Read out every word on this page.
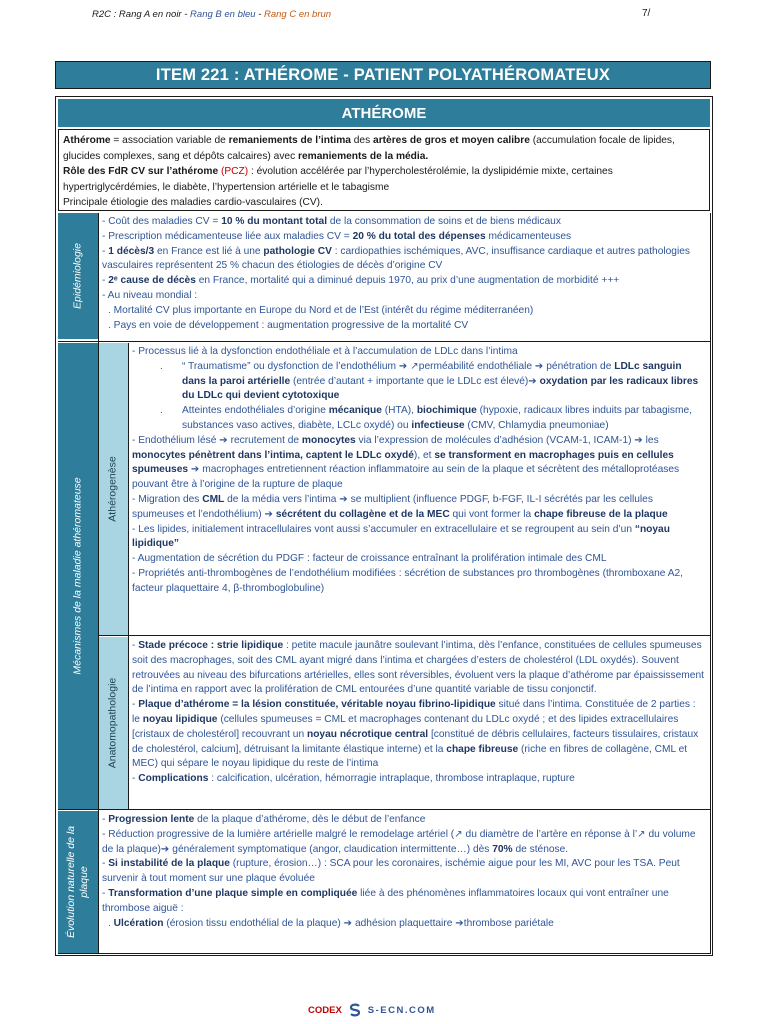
R2C : Rang A en noir - Rang B en bleu - Rang C en brun	7/
ITEM 221 : ATHÉROME - PATIENT POLYATHÉROMATEUX
ATHÉROME

Athérome = association variable de remaniements de l’intima des artères de gros et moyen calibre (accumulation focale de lipides, glucides complexes, sang et dépôts calcaires) avec remaniements de la média.

Rôle des FdR CV sur l’athérome (PCZ) : évolution accélérée par l’hypercholestérolémie, la dyslipidémie mixte, certaines hypertriglycérdémies, le diabète, l’hypertension artérielle et le tabagisme

Principale étiologie des maladies cardio-vasculaires (CV).

Epidémiologie

- Coût des maladies CV = 10 % du montant total de la consommation de soins et de biens médicaux

- Prescription médicamenteuse liée aux maladies CV = 20 % du total des dépenses médicamenteuses

- 1 décès/3 en France est lié à une pathologie CV : cardiopathies ischémiques, AVC, insuffisance cardiaque et autres pathologies vasculaires représentent 25 % chacun des étiologies de décès d’origine CV

- 2ᵉ cause de décès en France, mortalité qui a diminué depuis 1970, au prix d’une augmentation de morbidité +++

- Au niveau mondial :

. Mortalité CV plus importante en Europe du Nord et de l’Est (intérêt du régime méditerranéen)

. Pays en voie de développement : augmentation progressive de la mortalité CV

Mécanismes de la maladie athéromateuse Athérogenèse

- Processus lié à la dysfonction endothéliale et à l’accumulation de LDLc dans l’intima

. “ Traumatisme” ou dysfonction de l’endothélium ➔ ↗perméabilité endothéliale ➔ pénétration de LDLc sanguin dans la paroi artérielle (entrée d’autant + importante que le LDLc est élevé)➔ oxydation par les radicaux libres du LDLc qui devient cytotoxique

. Atteintes endothéliales d’origine mécanique (HTA), biochimique (hypoxie, radicaux libres induits par tabagisme, substances vaso actives, diabète, LCLc oxydé) ou infectieuse (CMV, Chlamydia pneumoniae)

- Endothélium lésé ➔ recrutement de monocytes via l’expression de molécules d’adhésion (VCAM-1, ICAM-1) ➔ les monocytes pénètrent dans l’intima, captent le LDLc oxydé), et se transforment en macrophages puis en cellules spumeuses ➔ macrophages entretiennent réaction inflammatoire au sein de la plaque et sécrètent des métalloprotéases pouvant être à l’origine de la rupture de plaque

- Migration des CML de la média vers l’intima ➔ se multiplient (influence PDGF, b-FGF, IL-I sécrétés par les cellules spumeuses et l’endothélium) ➔ sécrétent du collagène et de la MEC qui vont former la chape fibreuse de la plaque

- Les lipides, initialement intracellulaires vont aussi s’accumuler en extracellulaire et se regroupent au sein d’un “noyau lipidique”

- Augmentation de sécrétion du PDGF : facteur de croissance entraînant la prolifération intimale des CML

- Propriétés anti-thrombogènes de l’endothélium modifiées : sécrétion de substances pro thrombogènes (thromboxane A2, facteur plaquettaire 4, β-thromboglobuline)

Anatomopathologie

- Stade précoce : strie lipidique : petite macule jaunâtre soulevant l’intima, dès l’enfance, constituées de cellules spumeuses soit des macrophages, soit des CML ayant migré dans l’intima et chargées d’esters de cholestérol (LDL oxydés). Souvent retrouvées au niveau des bifurcations artérielles, elles sont réversibles, évoluent vers la plaque d’athérome par épaississement de l’intima en rapport avec la prolifération de CML entourées d’une quantité variable de tissu conjonctif.

- Plaque d’athérome = la lésion constituée, véritable noyau fibrino-lipidique situé dans l’intima. Constituée de 2 parties : le noyau lipidique (cellules spumeuses = CML et macrophages contenant du LDLc oxydé ; et des lipides extracellulaires [cristaux de cholestérol] recouvrant un noyau nécrotique central [constitué de débris cellulaires, facteurs tissulaires, cristaux de cholestérol, calcium], détruisant la limitante élastique interne) et la chape fibreuse (riche en fibres de collagène, CML et MEC) qui sépare le noyau lipidique du reste de l’intima

- Complications : calcification, ulcération, hémorragie intraplaque, thrombose intraplaque, rupture

Évolution naturelle de la
plaque

- Progression lente de la plaque d’athérome, dès le début de l’enfance

- Réduction progressive de la lumière artérielle malgré le remodelage artériel (↗ du diamètre de l’artère en réponse à l’↗ du volume de la plaque)➔ généralement symptomatique (angor, claudication intermittente…) dès 70% de sténose.

- Si instabilité de la plaque (rupture, érosion…) : SCA pour les coronaires, ischémie aigue pour les MI, AVC pour les TSA. Peut survenir à tout moment sur une plaque évoluée

- Transformation d’une plaque simple en compliquée liée à des phénomènes inflammatoires locaux qui vont entraîner une thrombose aiguë :

. Ulcération (érosion tissu endothélial de la plaque) ➔ adhésion plaquettaire ➔thrombose pariétale

CODEX	S-ECN.COM
